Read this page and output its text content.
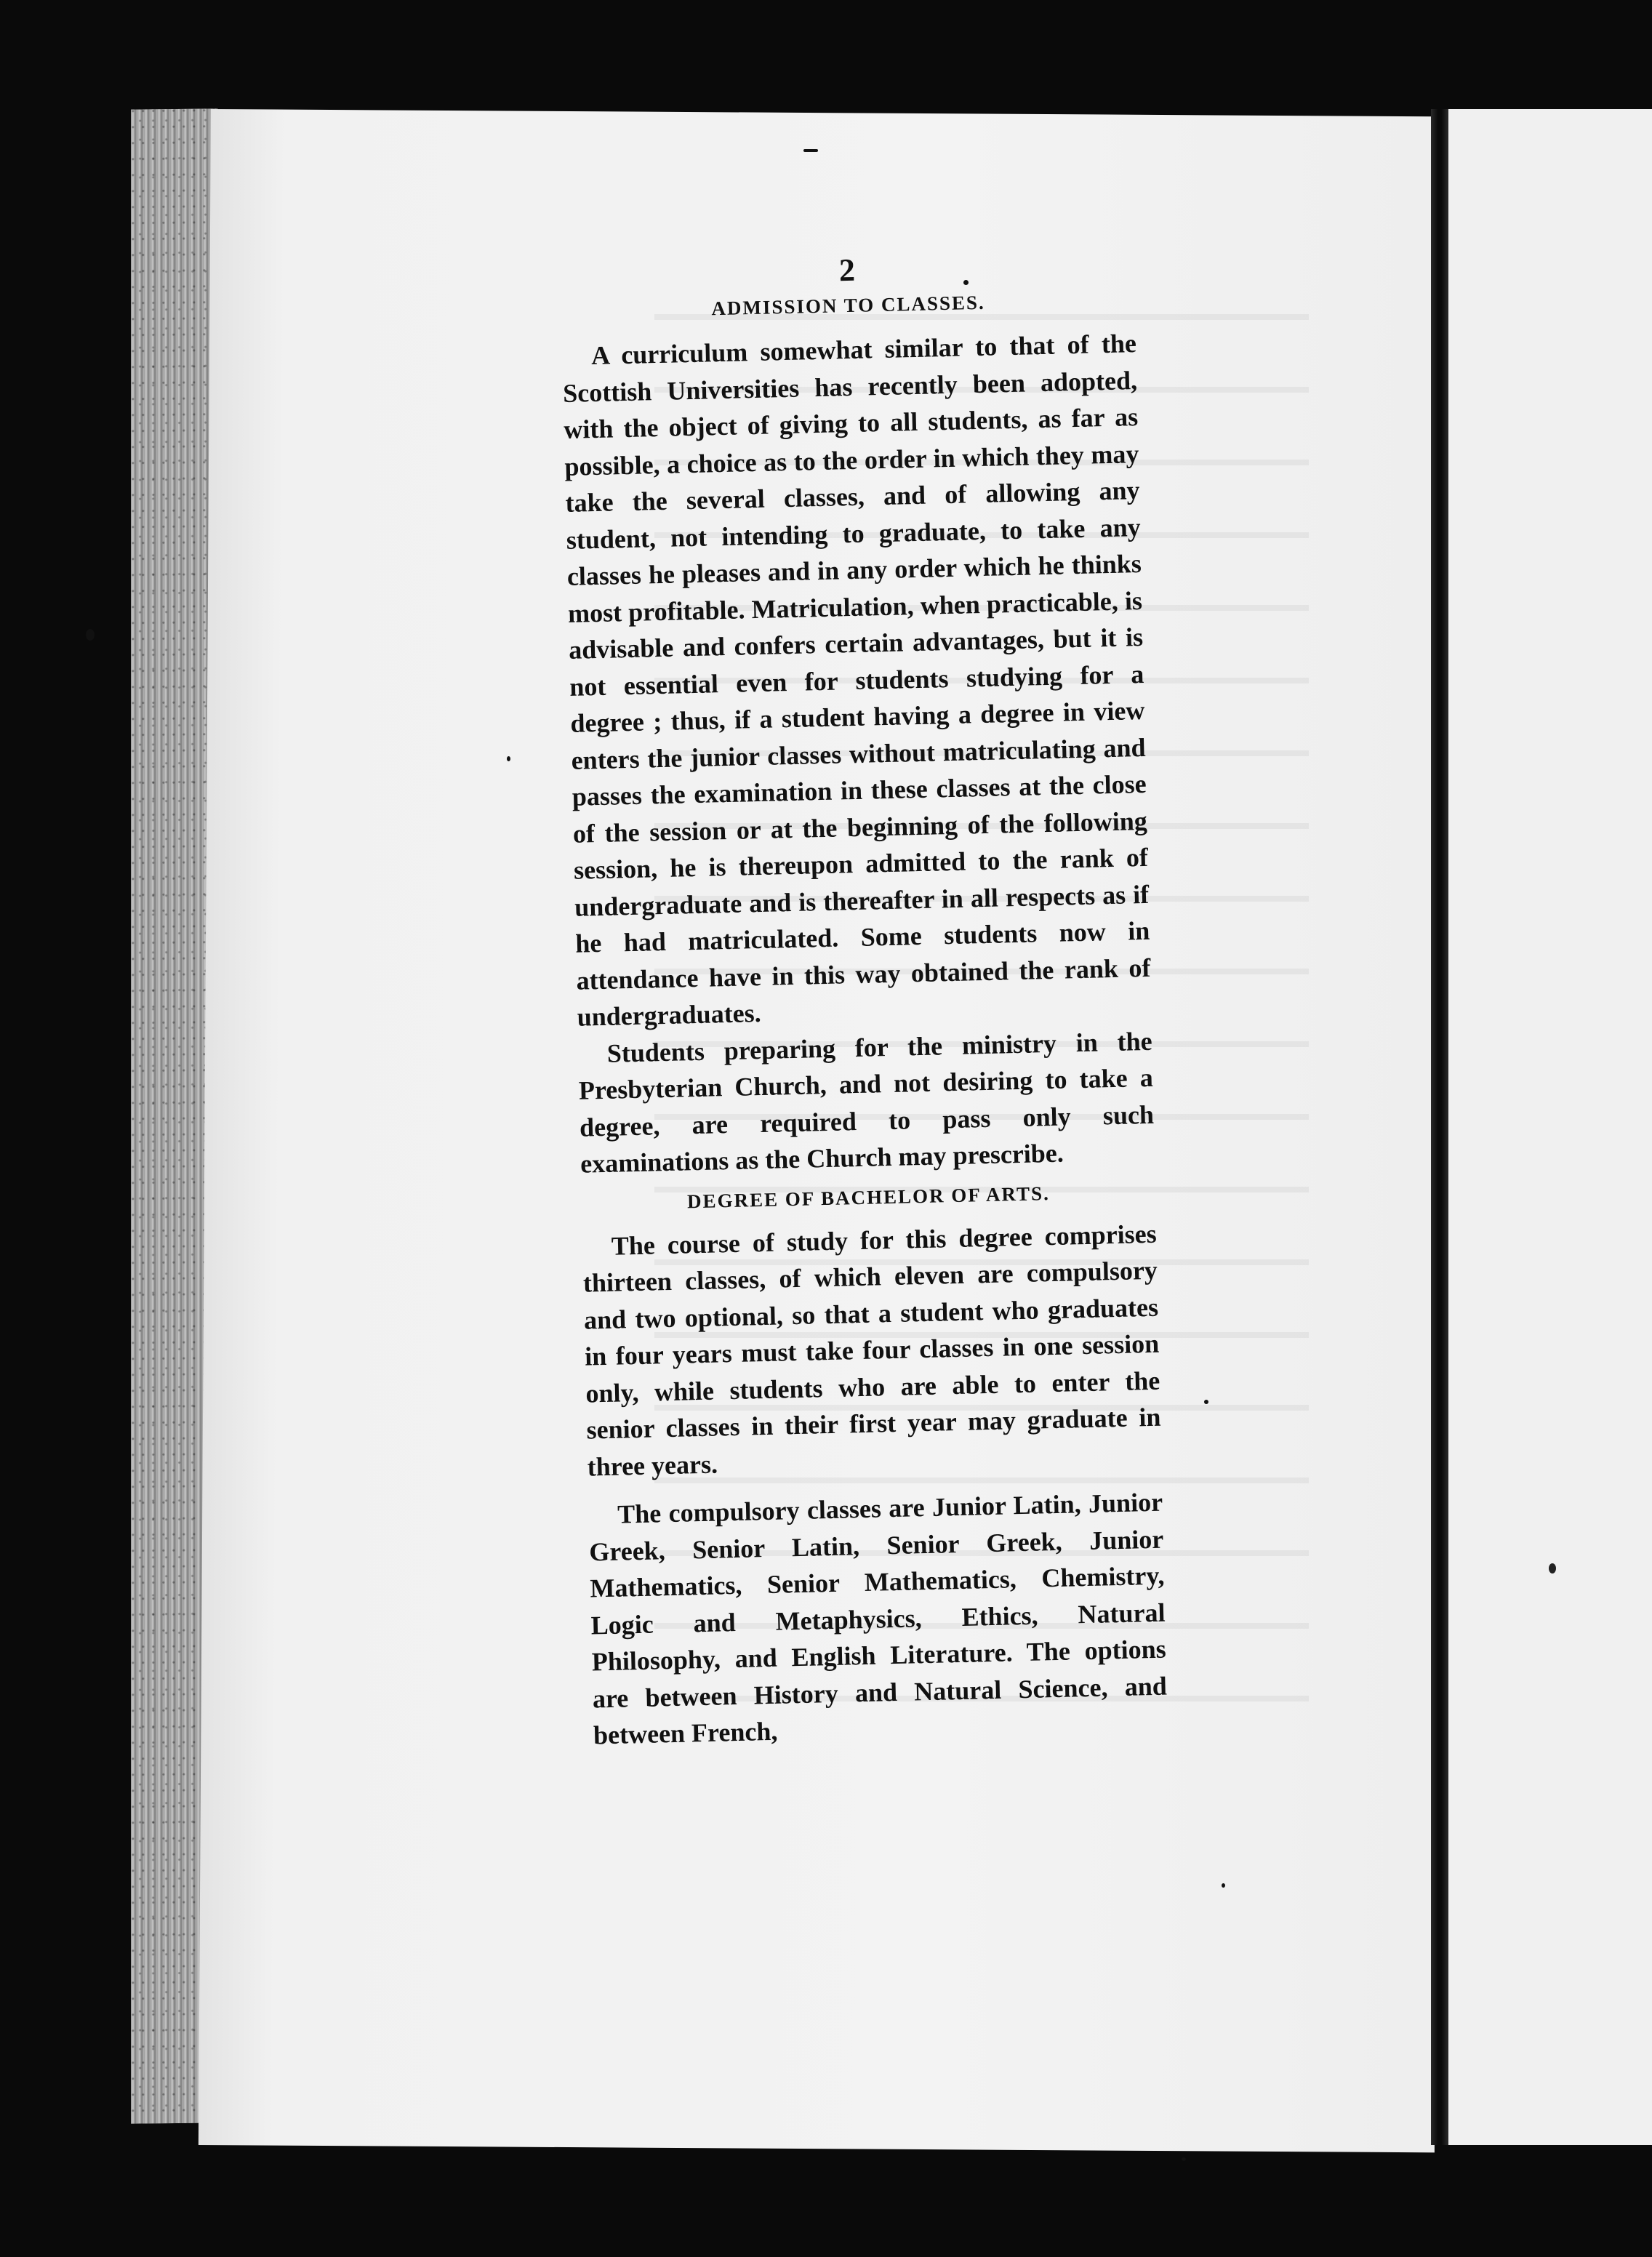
2
ADMISSION TO CLASSES.

A curriculum somewhat similar to that of the Scottish Universities has recently been adopted, with the object of giving to all students, as far as possible, a choice as to the order in which they may take the several classes, and of allowing any student, not intending to graduate, to take any classes he pleases and in any order which he thinks most profitable. Matriculation, when practicable, is advisable and confers certain advantages, but it is not essential even for students studying for a degree ; thus, if a student having a degree in view enters the junior classes without matriculating and passes the examination in these classes at the close of the session or at the beginning of the following session, he is thereupon admitted to the rank of undergraduate and is thereafter in all respects as if he had matriculated. Some students now in attendance have in this way obtained the rank of undergraduates.

Students preparing for the ministry in the Presbyterian Church, and not desiring to take a degree, are required to pass only such examinations as the Church may prescribe.

DEGREE OF BACHELOR OF ARTS.

The course of study for this degree comprises thirteen classes, of which eleven are compulsory and two optional, so that a student who graduates in four years must take four classes in one session only, while students who are able to enter the senior classes in their first year may graduate in three years.

The compulsory classes are Junior Latin, Junior Greek, Senior Latin, Senior Greek, Junior Mathematics, Senior Mathematics, Chemistry, Logic and Metaphysics, Ethics, Natural Philosophy, and English Literature. The options are between History and Natural Science, and between French,
